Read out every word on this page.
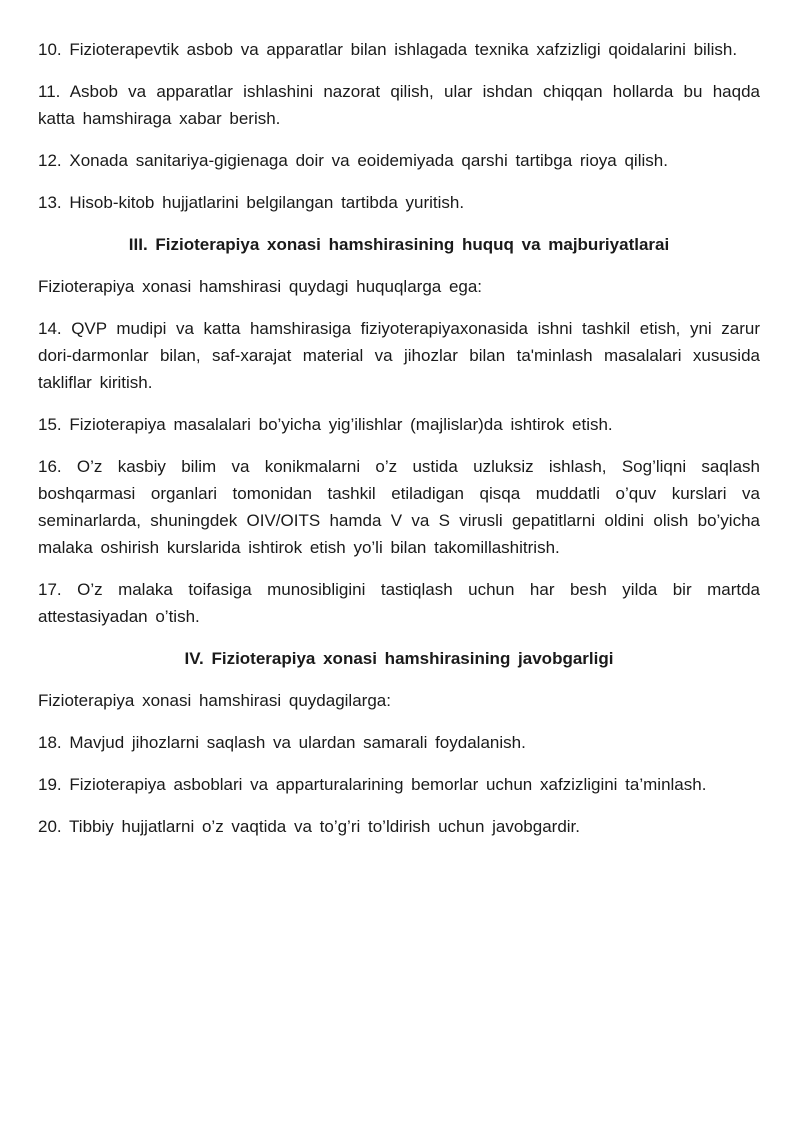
10. Fizioterapevtik asbob va apparatlar bilan ishlagada texnika xafzizligi qoidalarini bilish.

11. Asbob va apparatlar ishlashini nazorat qilish, ular ishdan chiqqan hollarda bu haqda katta hamshiraga xabar berish.

12. Xonada sanitariya-gigienaga doir va eoidemiyada qarshi tartibga rioya qilish.

13. Hisob-kitob hujjatlarini belgilangan tartibda yuritish.

III. Fizioterapiya xonasi hamshirasining huquq va majburiyatlarai

Fizioterapiya xonasi hamshirasi quydagi huquqlarga ega:

14. QVP mudipi va katta hamshirasiga fiziyoterapiyaxonasida ishni tashkil etish, yni zarur dori-darmonlar bilan, saf-xarajat material va jihozlar bilan ta'minlash masalalari xususida takliflar kiritish.

15. Fizioterapiya masalalari bo’yicha yig’ilishlar (majlislar)da ishtirok etish.

16. O’z kasbiy bilim va konikmalarni o’z ustida uzluksiz ishlash, Sog’liqni saqlash boshqarmasi organlari tomonidan tashkil etiladigan qisqa muddatli o’quv kurslari va seminarlarda, shuningdek OIV/OITS hamda V va S virusli gepatitlarni oldini olish bo’yicha malaka oshirish kurslarida ishtirok etish yo’li bilan takomillashitrish.

17. O’z malaka toifasiga munosibligini tastiqlash uchun har besh yilda bir martda attestasiyadan o’tish.

IV. Fizioterapiya xonasi hamshirasining javobgarligi

Fizioterapiya xonasi hamshirasi quydagilarga:

18. Mavjud jihozlarni saqlash va ulardan samarali foydalanish.

19. Fizioterapiya asboblari va apparturalarining bemorlar uchun xafzizligini ta’minlash.

20. Tibbiy hujjatlarni o’z vaqtida va to’g’ri to’ldirish uchun javobgardir.
